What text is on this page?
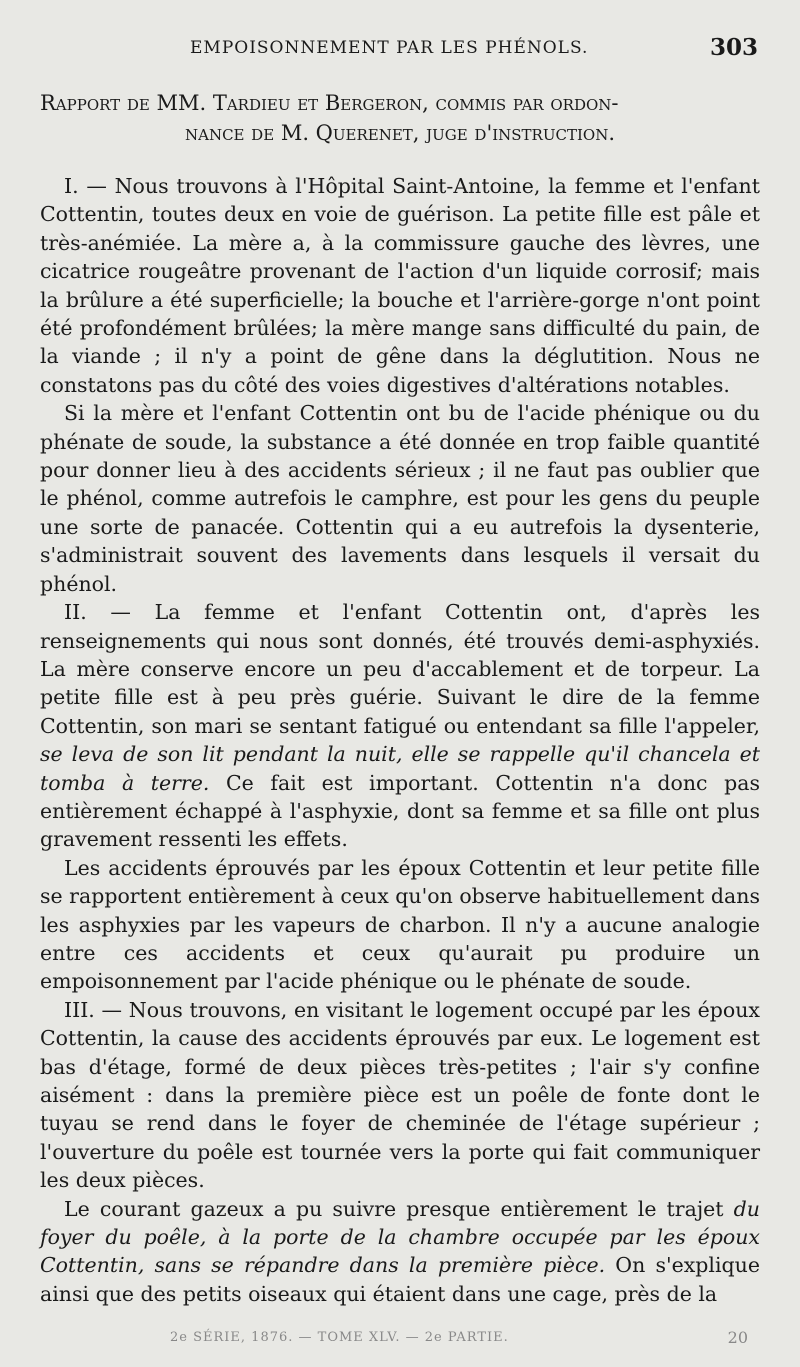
EMPOISONNEMENT PAR LES PHÉNOLS.	303
Rapport de MM. Tardieu et Bergeron, commis par ordon-
nance de M. Querenet, juge d'instruction.

I. — Nous trouvons à l'Hôpital Saint-Antoine, la femme et l'enfant Cottentin, toutes deux en voie de guérison. La petite fille est pâle et très-anémiée. La mère a, à la commissure gauche des lèvres, une cicatrice rougeâtre provenant de l'action d'un liquide corrosif; mais la brûlure a été superficielle; la bouche et l'arrière-gorge n'ont point été profondément brûlées; la mère mange sans difficulté du pain, de la viande ; il n'y a point de gêne dans la déglutition. Nous ne constatons pas du côté des voies digestives d'altérations notables.

Si la mère et l'enfant Cottentin ont bu de l'acide phénique ou du phénate de soude, la substance a été donnée en trop faible quantité pour donner lieu à des accidents sérieux ; il ne faut pas oublier que le phénol, comme autrefois le camphre, est pour les gens du peuple une sorte de panacée. Cottentin qui a eu autrefois la dysenterie, s'administrait souvent des lavements dans lesquels il versait du phénol.

II. — La femme et l'enfant Cottentin ont, d'après les renseignements qui nous sont donnés, été trouvés demi-asphyxiés. La mère conserve encore un peu d'accablement et de torpeur. La petite fille est à peu près guérie. Suivant le dire de la femme Cottentin, son mari se sentant fatigué ou entendant sa fille l'appeler, se leva de son lit pendant la nuit, elle se rappelle qu'il chancela et tomba à terre. Ce fait est important. Cottentin n'a donc pas entièrement échappé à l'asphyxie, dont sa femme et sa fille ont plus gravement ressenti les effets.

Les accidents éprouvés par les époux Cottentin et leur petite fille se rapportent entièrement à ceux qu'on observe habituellement dans les asphyxies par les vapeurs de charbon. Il n'y a aucune analogie entre ces accidents et ceux qu'aurait pu produire un empoisonnement par l'acide phénique ou le phénate de soude.

III. — Nous trouvons, en visitant le logement occupé par les époux Cottentin, la cause des accidents éprouvés par eux. Le logement est bas d'étage, formé de deux pièces très-petites ; l'air s'y confine aisément : dans la première pièce est un poêle de fonte dont le tuyau se rend dans le foyer de cheminée de l'étage supérieur ; l'ouverture du poêle est tournée vers la porte qui fait communiquer les deux pièces.

Le courant gazeux a pu suivre presque entièrement le trajet du foyer du poêle, à la porte de la chambre occupée par les époux Cottentin, sans se répandre dans la première pièce. On s'explique ainsi que des petits oiseaux qui étaient dans une cage, près de la

2e SÉRIE, 1876. — TOME XLV. — 2e PARTIE.	20
